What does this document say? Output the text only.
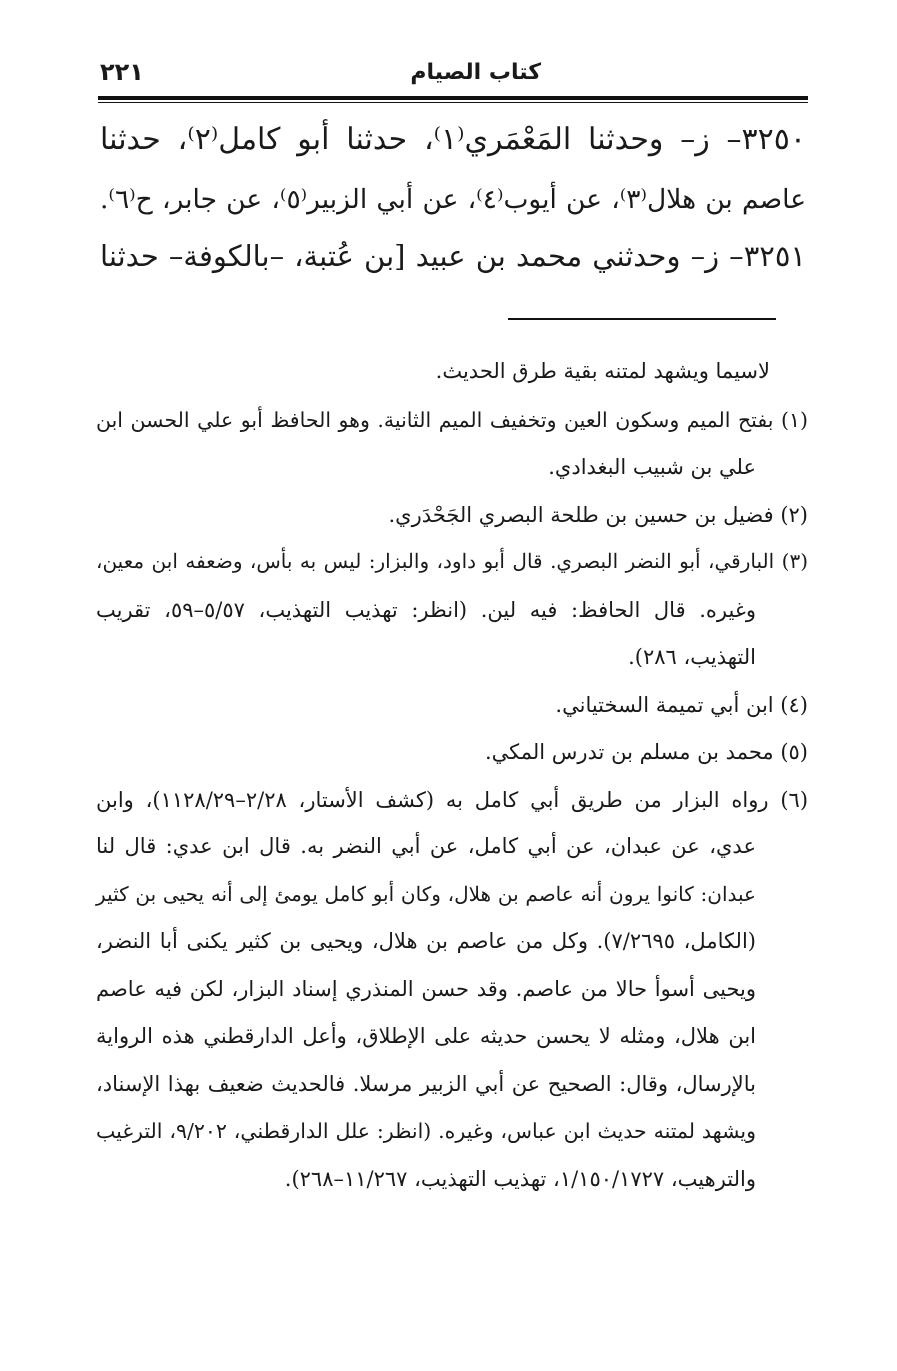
كتاب الصيام
٢٢١
٣٢٥٠– ز– وحدثنا المَعْمَري⁽١⁾، حدثنا أبو كامل⁽٢⁾، حدثنا
عاصم بن هلال⁽٣⁾، عن أيوب⁽٤⁾، عن أبي الزبير⁽٥⁾، عن جابر، ح⁽٦⁾.
٣٢٥١– ز– وحدثني محمد بن عبيد [بن عُتبة، –بالكوفة– حدثنا
لاسيما ويشهد لمتنه بقية طرق الحديث.
(١) بفتح الميم وسكون العين وتخفيف الميم الثانية. وهو الحافظ أبو علي الحسن ابن
علي بن شبيب البغدادي.
(٢) فضيل بن حسين بن طلحة البصري الجَحْدَري.
(٣) البارقي، أبو النضر البصري. قال أبو داود، والبزار: ليس به بأس، وضعفه ابن معين،
وغيره. قال الحافظ: فيه لين. (انظر: تهذيب التهذيب، ٥/٥٧–٥٩، تقريب
التهذيب، ٢٨٦).
(٤) ابن أبي تميمة السختياني.
(٥) محمد بن مسلم بن تدرس المكي.
(٦) رواه البزار من طريق أبي كامل به (كشف الأستار، ٢/٢٨–١١٢٨/٢٩)، وابن
عدي، عن عبدان، عن أبي كامل، عن أبي النضر به. قال ابن عدي: قال لنا
عبدان: كانوا يرون أنه عاصم بن هلال، وكان أبو كامل يومئ إلى أنه يحيى بن كثير
(الكامل، ٧/٢٦٩٥). وكل من عاصم بن هلال، ويحيى بن كثير يكنى أبا النضر،
ويحيى أسوأ حالا من عاصم. وقد حسن المنذري إسناد البزار، لكن فيه عاصم
ابن هلال، ومثله لا يحسن حديثه على الإطلاق، وأعل الدارقطني هذه الرواية
بالإرسال، وقال: الصحيح عن أبي الزبير مرسلا. فالحديث ضعيف بهذا الإسناد،
ويشهد لمتنه حديث ابن عباس، وغيره. (انظر: علل الدارقطني، ٩/٢٠٢، الترغيب
والترهيب، ١/١٥٠/١٧٢٧، تهذيب التهذيب، ١١/٢٦٧–٢٦٨).
